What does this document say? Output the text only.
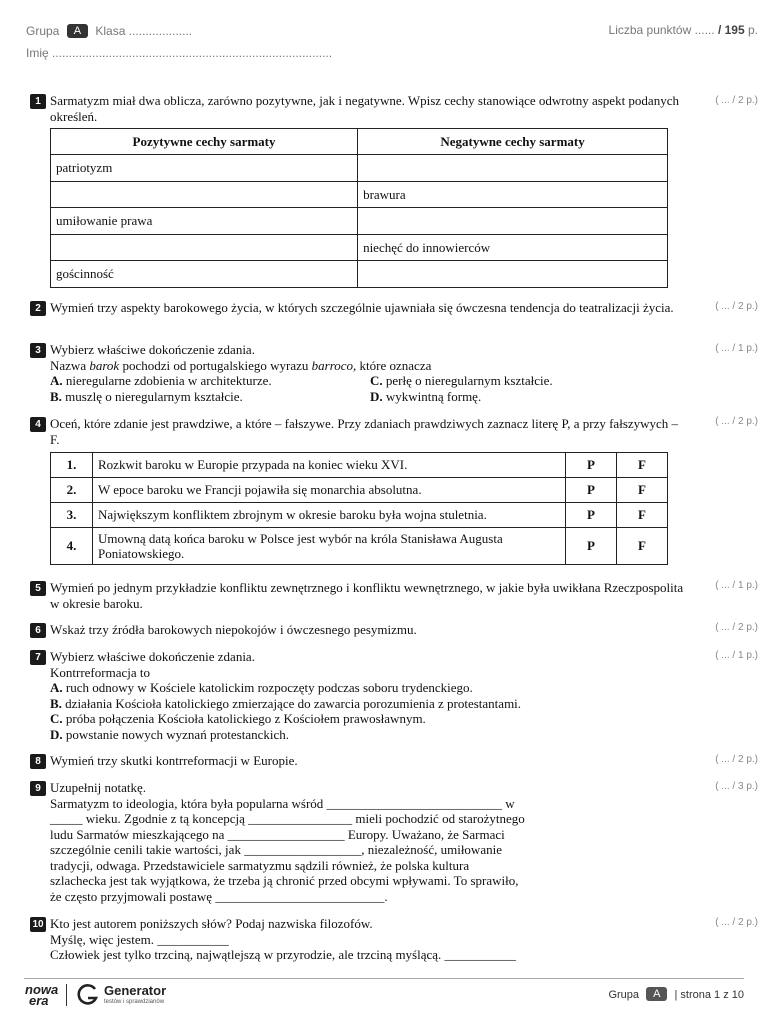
Grupa A Klasa ...................
Imię ....................................................................................
Liczba punktów ...... / 195 p.
1 Sarmatyzm miał dwa oblicza, zarówno pozytywne, jak i negatywne. Wpisz cechy stanowiące odwrotny aspekt podanych określeń.
Pozytywne cechy sarmaty	Negatywne cechy sarmaty
patriotyzm	
	brawura
umiłowanie prawa	
	niechęć do innowierców
gościnność	
( ... / 2 p.)
2 Wymień trzy aspekty barokowego życia, w których szczególnie ujawniała się ówczesna tendencja do teatralizacji życia.	( ... / 2 p.)
3 Wybierz właściwe dokończenie zdania.
Nazwa barok pochodzi od portugalskiego wyrazu barroco, które oznacza
A. nieregularne zdobienia w architekturze.	C. perłę o nieregularnym kształcie.
B. muszlę o nieregularnym kształcie.	D. wykwintną formę.
( ... / 1 p.)
4 Oceń, które zdanie jest prawdziwe, a które – fałszywe. Przy zdaniach prawdziwych zaznacz literę P, a przy fałszywych – F.
1.	Rozkwit baroku w Europie przypada na koniec wieku XVI.	P	F
2.	W epoce baroku we Francji pojawiła się monarchia absolutna.	P	F
3.	Największym konfliktem zbrojnym w okresie baroku była wojna stuletnia.	P	F
4.	Umowną datą końca baroku w Polsce jest wybór na króla Stanisława Augusta Poniatowskiego.	P	F
( ... / 2 p.)
5 Wymień po jednym przykładzie konfliktu zewnętrznego i konfliktu wewnętrznego, w jakie była uwikłana Rzeczpospolita w okresie baroku.
( ... / 1 p.)
6 Wskaż trzy źródła barokowych niepokojów i ówczesnego pesymizmu.	( ... / 2 p.)
7 Wybierz właściwe dokończenie zdania.
Kontrreformacja to
A. ruch odnowy w Kościele katolickim rozpoczęty podczas soboru trydenckiego.
B. działania Kościoła katolickiego zmierzające do zawarcia porozumienia z protestantami.
C. próba połączenia Kościoła katolickiego z Kościołem prawosławnym.
D. powstanie nowych wyznań protestanckich.
( ... / 1 p.)
8 Wymień trzy skutki kontrreformacji w Europie.	( ... / 2 p.)
9 Uzupełnij notatkę.
Sarmatyzm to ideologia, która była popularna wśród ___________________________ w
_____ wieku. Zgodnie z tą koncepcją ________________ mieli pochodzić od starożytnego
ludu Sarmatów mieszkającego na __________________ Europy. Uważano, że Sarmaci
szczególnie cenili takie wartości, jak __________________, niezależność, umiłowanie
tradycji, odwaga. Przedstawiciele sarmatyzmu sądzili również, że polska kultura
szlachecka jest tak wyjątkowa, że trzeba ją chronić przed obcymi wpływami. To sprawiło,
że często przyjmowali postawę __________________________.
( ... / 3 p.)
10 Kto jest autorem poniższych słów? Podaj nazwiska filozofów.
Myślę, więc jestem. ___________
Człowiek jest tylko trzciną, najwątlejszą w przyrodzie, ale trzciną myślącą. ___________
( ... / 2 p.)
nowa
era
Generator
testów i sprawdzianów
Grupa A | strona 1 z 10
